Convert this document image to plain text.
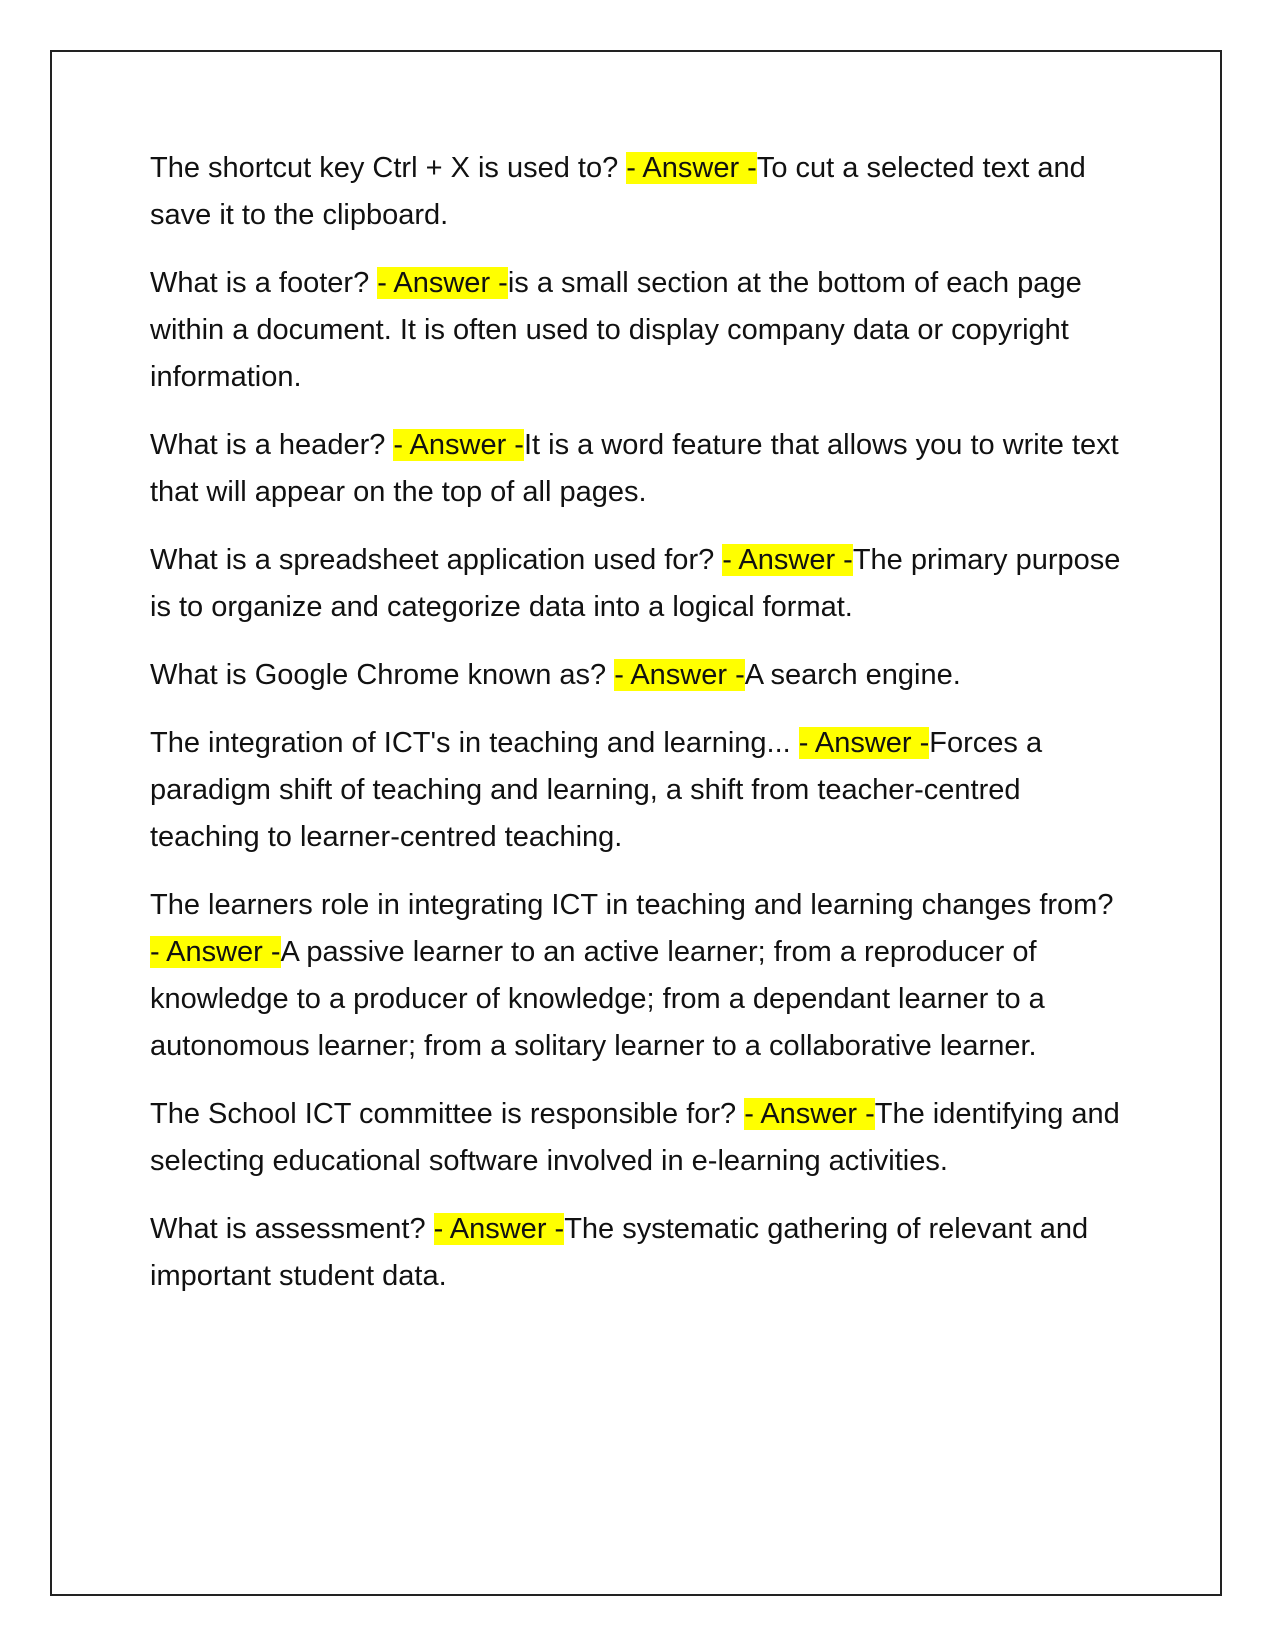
The shortcut key Ctrl + X is used to? - Answer -To cut a selected text and save it to the clipboard.

What is a footer? - Answer -is a small section at the bottom of each page within a document. It is often used to display company data or copyright information.

What is a header? - Answer -It is a word feature that allows you to write text that will appear on the top of all pages.

What is a spreadsheet application used for? - Answer -The primary purpose is to organize and categorize data into a logical format.

What is Google Chrome known as? - Answer -A search engine.

The integration of ICT's in teaching and learning... - Answer -Forces a paradigm shift of teaching and learning, a shift from teacher-centred teaching to learner-centred teaching.

The learners role in integrating ICT in teaching and learning changes from? - Answer -A passive learner to an active learner; from a reproducer of knowledge to a producer of knowledge; from a dependant learner to a autonomous learner; from a solitary learner to a collaborative learner.

The School ICT committee is responsible for? - Answer -The identifying and selecting educational software involved in e-learning activities.

What is assessment? - Answer -The systematic gathering of relevant and important student data.
